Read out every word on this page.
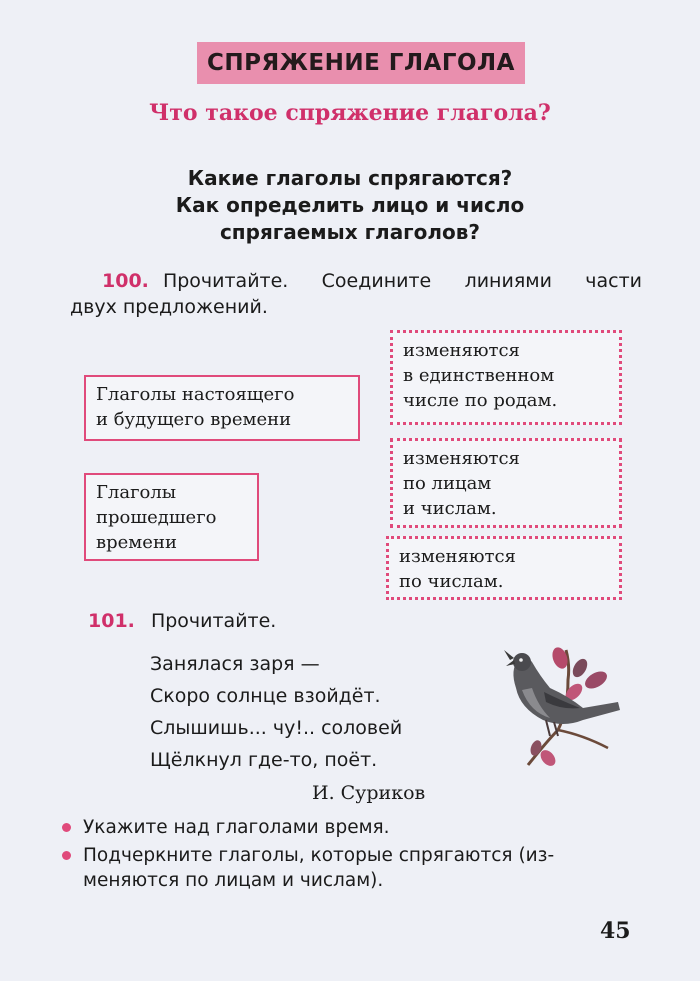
СПРЯЖЕНИЕ ГЛАГОЛА
Что такое спряжение глагола?
Какие глаголы спрягаются?
Как определить лицо и число
спрягаемых глаголов?
100. Прочитайте. Соедините линиями части
двух предложений.
Глаголы настоящего
и будущего времени
Глаголы
прошедшего
времени
изменяются
в единственном
числе по родам.
изменяются
по лицам
и числам.
изменяются
по числам.
101. Прочитайте.
Занялася заря —
Скоро солнце взойдёт.
Слышишь... чу!.. соловей
Щёлкнул где-то, поёт.
И. Суриков
Укажите над глаголами время.
Подчеркните глаголы, которые спрягаются (из-
меняются по лицам и числам).
45
